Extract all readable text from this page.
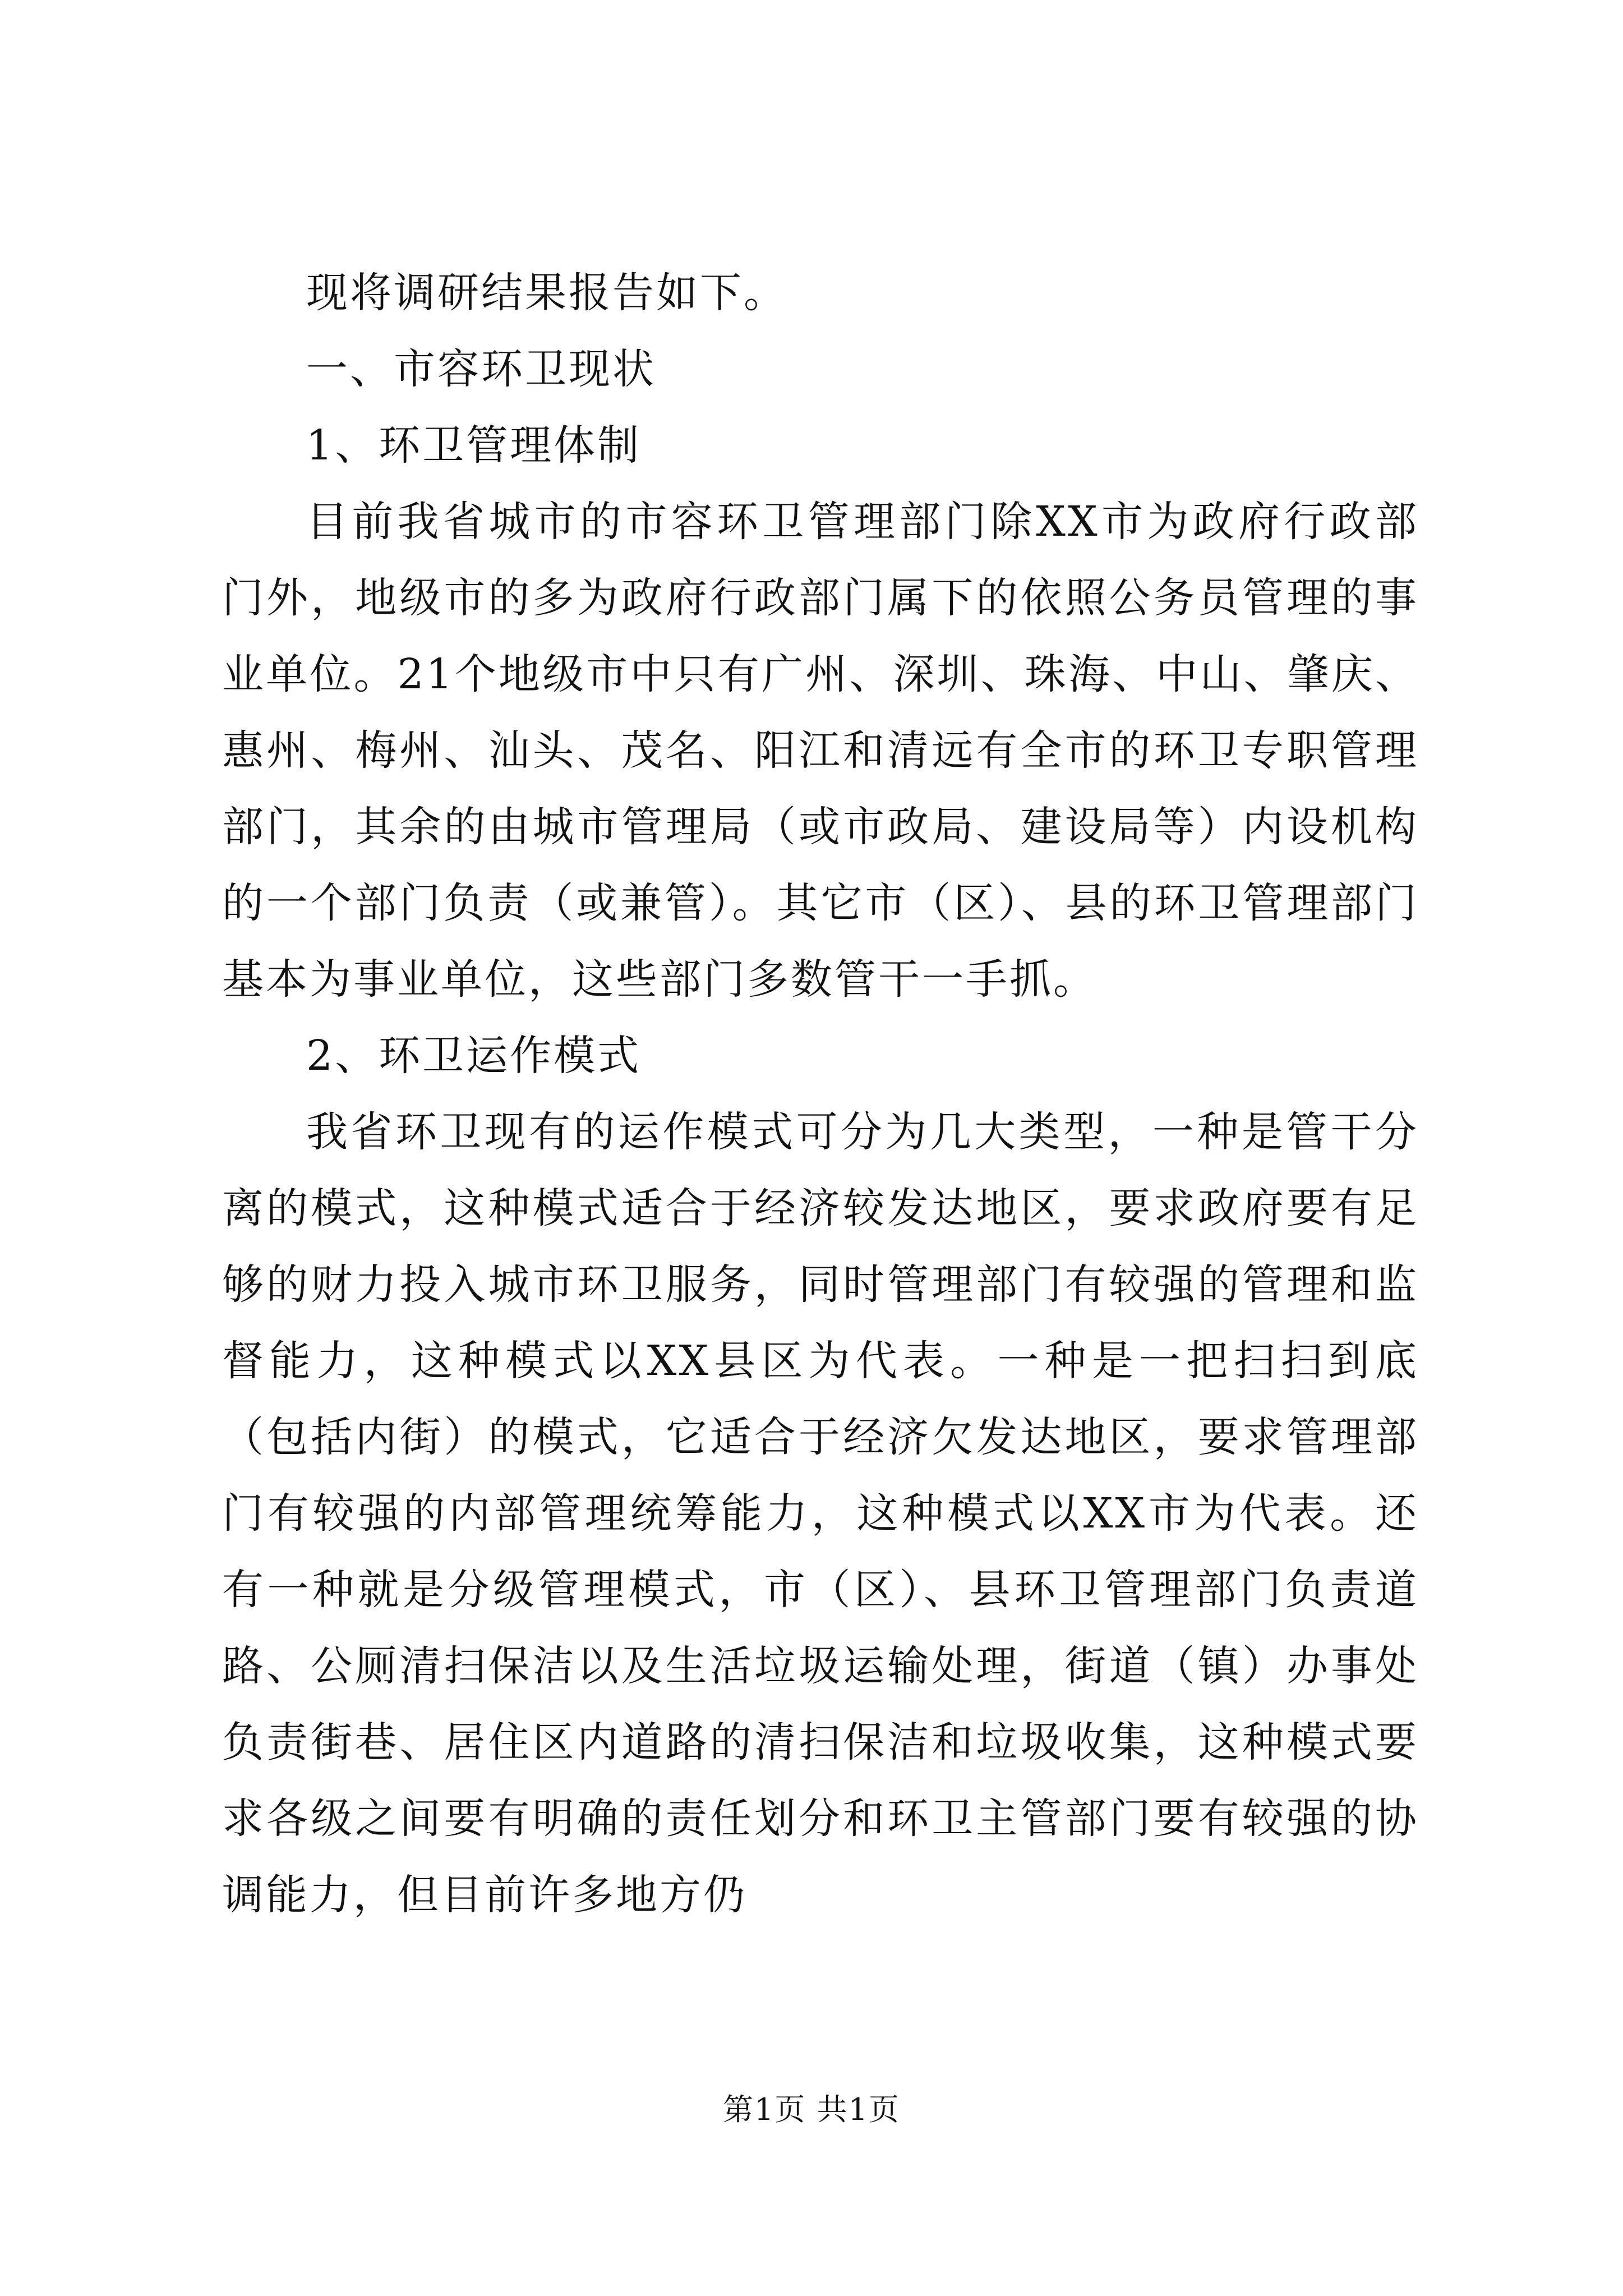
现将调研结果报告如下。

一、市容环卫现状

1、环卫管理体制

目前我省城市的市容环卫管理部门除XX市为政府行政部门外，地级市的多为政府行政部门属下的依照公务员管理的事业单位。21个地级市中只有广州、深圳、珠海、中山、肇庆、惠州、梅州、汕头、茂名、阳江和清远有全市的环卫专职管理部门，其余的由城市管理局（或市政局、建设局等）内设机构的一个部门负责（或兼管）。其它市（区）、县的环卫管理部门基本为事业单位，这些部门多数管干一手抓。

2、环卫运作模式

我省环卫现有的运作模式可分为几大类型，一种是管干分离的模式，这种模式适合于经济较发达地区，要求政府要有足够的财力投入城市环卫服务，同时管理部门有较强的管理和监督能力，这种模式以XX县区为代表。一种是一把扫扫到底（包括内街）的模式，它适合于经济欠发达地区，要求管理部门有较强的内部管理统筹能力，这种模式以XX市为代表。还有一种就是分级管理模式，市（区）、县环卫管理部门负责道路、公厕清扫保洁以及生活垃圾运输处理，街道（镇）办事处负责街巷、居住区内道路的清扫保洁和垃圾收集，这种模式要求各级之间要有明确的责任划分和环卫主管部门要有较强的协调能力，但目前许多地方仍

第1页 共1页
